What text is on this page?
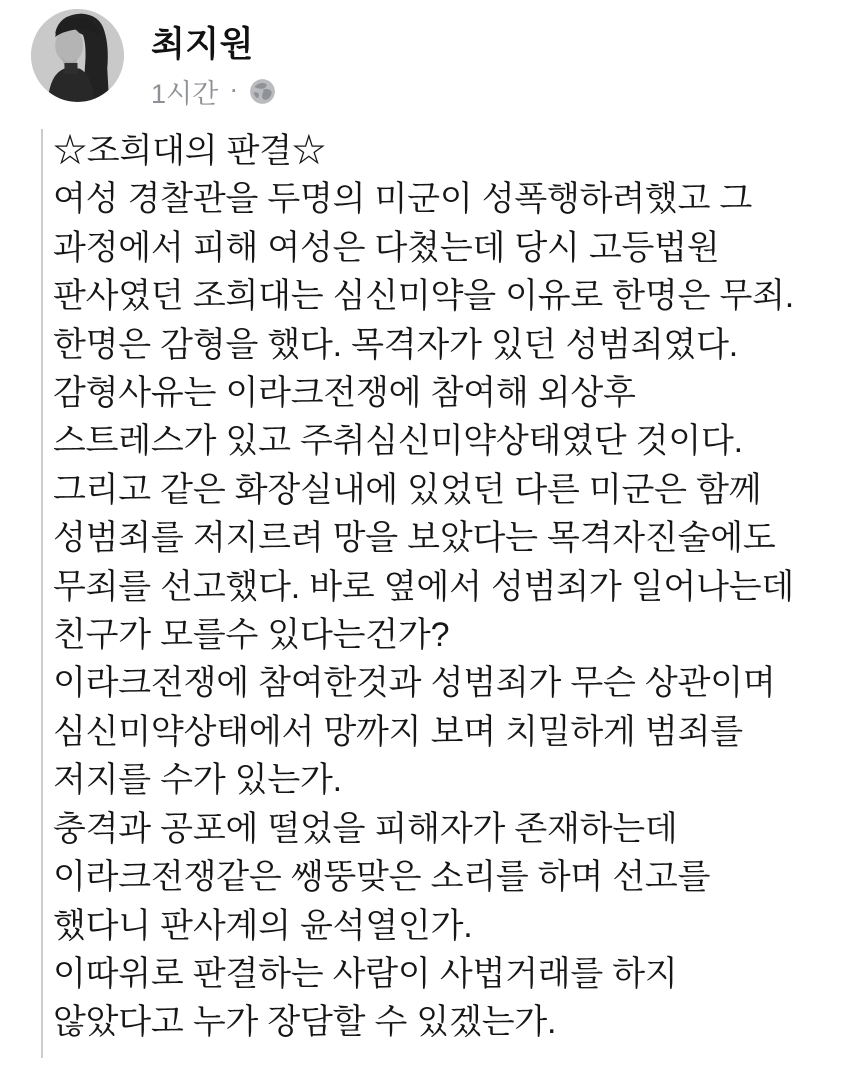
최지원
1시간 ·
☆조희대의 판결☆
여성 경찰관을 두명의 미군이 성폭행하려했고 그
과정에서 피해 여성은 다쳤는데 당시 고등법원
판사였던 조희대는 심신미약을 이유로 한명은 무죄.
한명은 감형을 했다. 목격자가 있던 성범죄였다.
감형사유는 이라크전쟁에 참여해 외상후
스트레스가 있고 주취심신미약상태였단 것이다.
그리고 같은 화장실내에 있었던 다른 미군은 함께
성범죄를 저지르려 망을 보았다는 목격자진술에도
무죄를 선고했다. 바로 옆에서 성범죄가 일어나는데
친구가 모를수 있다는건가?
이라크전쟁에 참여한것과 성범죄가 무슨 상관이며
심신미약상태에서 망까지 보며 치밀하게 범죄를
저지를 수가 있는가.
충격과 공포에 떨었을 피해자가 존재하는데
이라크전쟁같은 쌩뚱맞은 소리를 하며 선고를
했다니 판사계의 윤석열인가.
이따위로 판결하는 사람이 사법거래를 하지
않았다고 누가 장담할 수 있겠는가.
